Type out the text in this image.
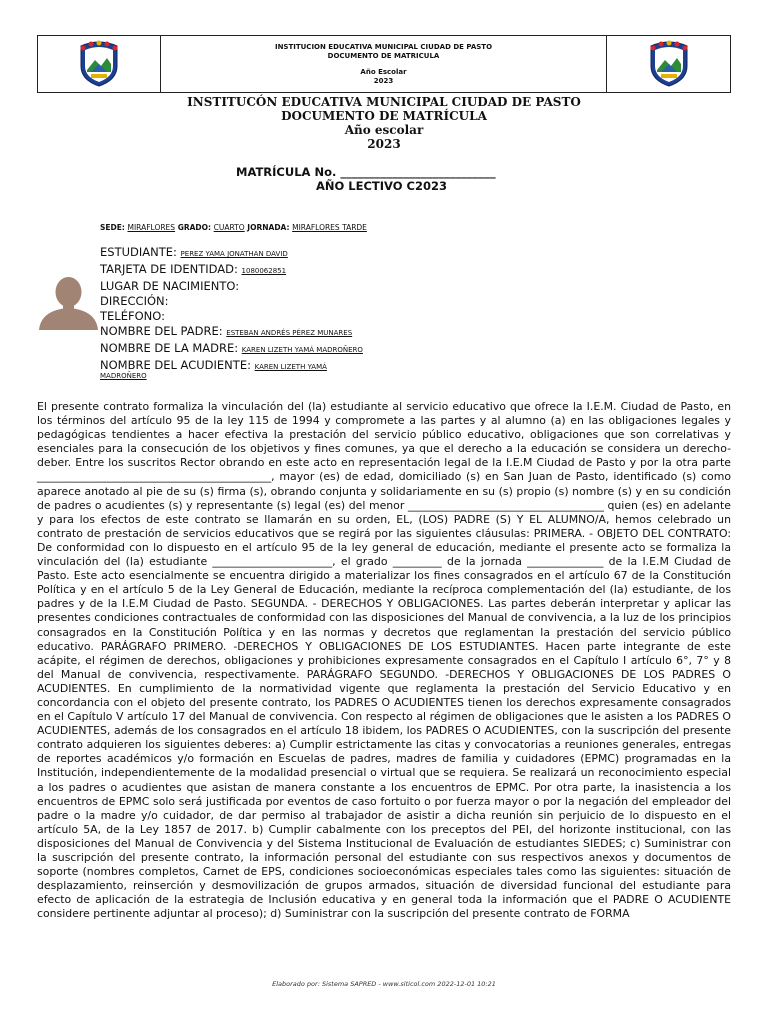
INSTITUCION EDUCATIVA MUNICIPAL CIUDAD DE PASTO
DOCUMENTO DE MATRICULA
Año Escolar
2023
INSTITUCÓN EDUCATIVA MUNICIPAL CIUDAD DE PASTO
DOCUMENTO DE MATRÍCULA
Año escolar
2023
MATRÍCULA No. ___________________________
AÑO LECTIVO C2023
SEDE: MIRAFLORES GRADO: CUARTO JORNADA: MIRAFLORES TARDE
ESTUDIANTE: PEREZ YAMA JONATHAN DAVID
TARJETA DE IDENTIDAD: 1080062851
LUGAR DE NACIMIENTO:
DIRECCIÓN:
TELÉFONO:
NOMBRE DEL PADRE: ESTEBAN ANDRÉS PÉREZ MUNARES
NOMBRE DE LA MADRE: KAREN LIZETH YAMÁ MADROÑERO
NOMBRE DEL ACUDIENTE: KAREN LIZETH YAMÁ
MADROÑERO
El presente contrato formaliza la vinculación del (la) estudiante al servicio educativo que ofrece la I.E.M. Ciudad de Pasto, en los términos del artículo 95 de la ley 115 de 1994 y compromete a las partes y al alumno (a) en las obligaciones legales y pedagógicas tendientes a hacer efectiva la prestación del servicio público educativo, obligaciones que son correlativas y esenciales para la consecución de los objetivos y fines comunes, ya que el derecho a la educación se considera un derecho-deber. Entre los suscritos Rector obrando en este acto en representación legal de la I.E.M Ciudad de Pasto y por la otra parte ___________________________________________, mayor (es) de edad, domiciliado (s) en San Juan de Pasto, identificado (s) como aparece anotado al pie de su (s) firma (s), obrando conjunta y solidariamente en su (s) propio (s) nombre (s) y en su condición de padres o acudientes (s) y representante (s) legal (es) del menor ____________________________________ quien (es) en adelante y para los efectos de este contrato se llamarán en su orden, EL, (LOS) PADRE (S) Y EL ALUMNO/A, hemos celebrado un contrato de prestación de servicios educativos que se regirá por las siguientes cláusulas: PRIMERA. - OBJETO DEL CONTRATO: De conformidad con lo dispuesto en el artículo 95 de la ley general de educación, mediante el presente acto se formaliza la vinculación del (la) estudiante ______________________, el grado _________ de la jornada ______________ de la I.E.M Ciudad de Pasto. Este acto esencialmente se encuentra dirigido a materializar los fines consagrados en el artículo 67 de la Constitución Política y en el artículo 5 de la Ley General de Educación, mediante la recíproca complementación del (la) estudiante, de los padres y de la I.E.M Ciudad de Pasto. SEGUNDA. - DERECHOS Y OBLIGACIONES. Las partes deberán interpretar y aplicar las presentes condiciones contractuales de conformidad con las disposiciones del Manual de convivencia, a la luz de los principios consagrados en la Constitución Política y en las normas y decretos que reglamentan la prestación del servicio público educativo. PARÁGRAFO PRIMERO. -DERECHOS Y OBLIGACIONES DE LOS ESTUDIANTES. Hacen parte integrante de este acápite, el régimen de derechos, obligaciones y prohibiciones expresamente consagrados en el Capítulo I artículo 6°, 7° y 8 del Manual de convivencia, respectivamente. PARÁGRAFO SEGUNDO. -DERECHOS Y OBLIGACIONES DE LOS PADRES O ACUDIENTES. En cumplimiento de la normatividad vigente que reglamenta la prestación del Servicio Educativo y en concordancia con el objeto del presente contrato, los PADRES O ACUDIENTES tienen los derechos expresamente consagrados en el Capítulo V artículo 17 del Manual de convivencia. Con respecto al régimen de obligaciones que le asisten a los PADRES O ACUDIENTES, además de los consagrados en el artículo 18 ibidem, los PADRES O ACUDIENTES, con la suscripción del presente contrato adquieren los siguientes deberes: a) Cumplir estrictamente las citas y convocatorias a reuniones generales, entregas de reportes académicos y/o formación en Escuelas de padres, madres de familia y cuidadores (EPMC) programadas en la Institución, independientemente de la modalidad presencial o virtual que se requiera. Se realizará un reconocimiento especial a los padres o acudientes que asistan de manera constante a los encuentros de EPMC. Por otra parte, la inasistencia a los encuentros de EPMC solo será justificada por eventos de caso fortuito o por fuerza mayor o por la negación del empleador del padre o la madre y/o cuidador, de dar permiso al trabajador de asistir a dicha reunión sin perjuicio de lo dispuesto en el artículo 5A, de la Ley 1857 de 2017. b) Cumplir cabalmente con los preceptos del PEI, del horizonte institucional, con las disposiciones del Manual de Convivencia y del Sistema Institucional de Evaluación de estudiantes SIEDES; c) Suministrar con la suscripción del presente contrato, la información personal del estudiante con sus respectivos anexos y documentos de soporte (nombres completos, Carnet de EPS, condiciones socioeconómicas especiales tales como las siguientes: situación de desplazamiento, reinserción y desmovilización de grupos armados, situación de diversidad funcional del estudiante para efecto de aplicación de la estrategia de Inclusión educativa y en general toda la información que el PADRE O ACUDIENTE considere pertinente adjuntar al proceso); d) Suministrar con la suscripción del presente contrato de FORMA
Elaborado por: Sistema SAPRED - www.siticol.com 2022-12-01 10:21
